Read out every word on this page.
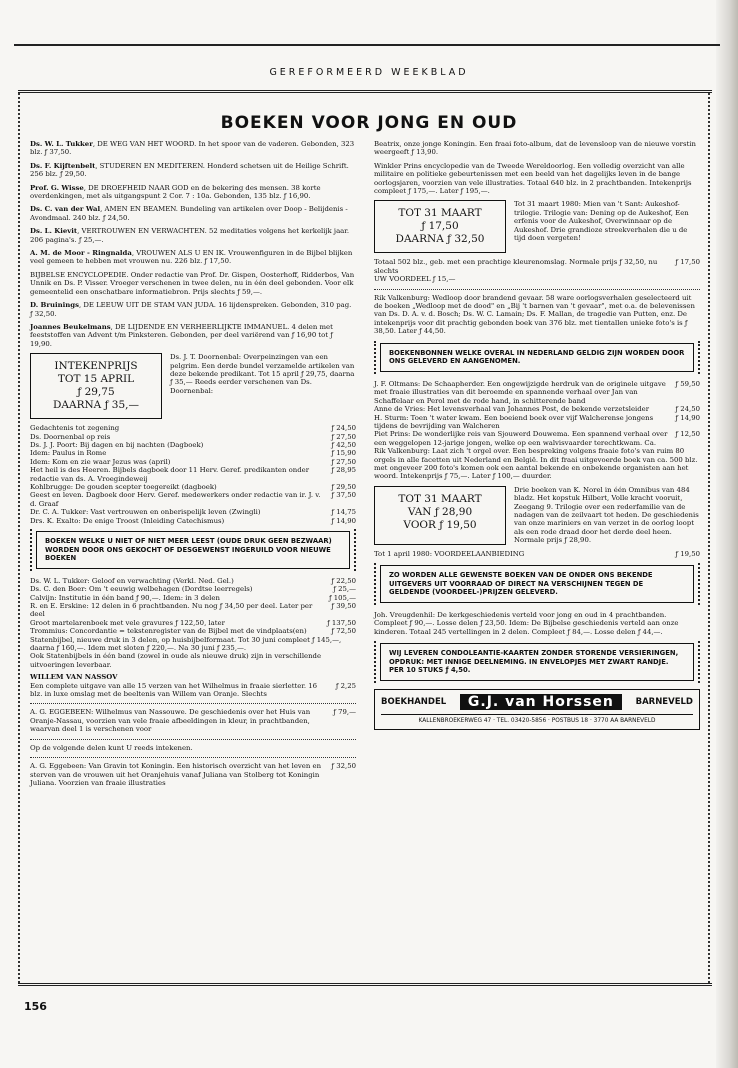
GEREFORMEERD WEEKBLAD
BOEKEN VOOR JONG EN OUD
Ds. W. L. Tukker, DE WEG VAN HET WOORD. In het spoor van de vaderen. Gebonden, 323 blz. ƒ 37,50.
Ds. F. Kijftenbelt, STUDEREN EN MEDITEREN. Honderd schetsen uit de Heilige Schrift. 256 blz. ƒ 29,50.
Prof. G. Wisse, DE DROEFHEID NAAR GOD en de bekering des mensen. 38 korte overdenkingen, met als uitgangspunt 2 Cor. 7 : 10a. Gebonden, 135 blz. ƒ 16,90.
Ds. C. van der Wal, AMEN EN BEAMEN. Bundeling van artikelen over Doop - Belijdenis - Avondmaal. 240 blz. ƒ 24,50.
Ds. L. Kievit, VERTROUWEN EN VERWACHTEN. 52 meditaties volgens het kerkelijk jaar. 206 pagina's. ƒ 25,—.
A. M. de Moor - Ringnalda, VROUWEN ALS U EN IK. Vrouwenfiguren in de Bijbel blijken veel gemeen te hebben met vrouwen nu. 226 blz. ƒ 17,50.
BIJBELSE ENCYCLOPEDIE. Onder redactie van Prof. Dr. Gispen, Oosterhoff, Ridderbos, Van Unnik en Ds. P. Visser. Vroeger verschenen in twee delen, nu in één deel gebonden. Voor elk gemeentelid een onschatbare informatiebron. Prijs slechts ƒ 59,—.
D. Bruinings, DE LEEUW UIT DE STAM VAN JUDA. 16 lijdenspreken. Gebonden, 310 pag. ƒ 32,50.
Joannes Beukelmans, DE LIJDENDE EN VERHEERLIJKTE IMMANUEL. 4 delen met feeststoffen van Advent t/m Pinksteren. Gebonden, per deel variërend van ƒ 16,90 tot ƒ 19,90.
INTEKENPRIJS
TOT 15 APRIL
ƒ 29,75
DAARNA ƒ 35,—
Ds. J. T. Doornenbal: Overpeinzingen van een pelgrim. Een derde bundel verzamelde artikelen van deze bekende predikant. Tot 15 april ƒ 29,75, daarna ƒ 35,— Reeds eerder verschenen van Ds. Doornenbal:
Gedachtenis tot zegening	ƒ 24,50
Ds. Doornenbal op reis	ƒ 27,50
Ds. J. J. Poort: Bij dagen en bij nachten (Dagboek)	ƒ 42,50
Idem: Paulus in Rome	ƒ 15,90
Idem: Kom en zie waar Jezus was (april)	ƒ 27,50
Het heil is des Heeren. Bijbels dagboek door 11 Herv. Geref. predikanten onder redactie van ds. A. Vroegindeweij
ƒ 28,95
Kohlbrugge: De gouden scepter toegereikt (dagboek)	ƒ 29,50
Geest en leven. Dagboek door Herv. Geref. medewerkers onder redactie van ir. J. v. d. Graaf
ƒ 37,50
Dr. C. A. Tukker: Vast vertrouwen en onberispelijk leven (Zwingli)	ƒ 14,75
Drs. K. Exalto: De enige Troost (Inleiding Catechismus)	ƒ 14,90
BOEKEN WELKE U NIET OF NIET MEER LEEST (OUDE DRUK GEEN BEZWAAR) WORDEN DOOR ONS GEKOCHT OF DESGEWENST INGERUILD VOOR NIEUWE BOEKEN
Ds. W. L. Tukker: Geloof en verwachting (Verkl. Ned. Gel.)	ƒ 22,50
Ds. C. den Boer: Om 't eeuwig welbehagen (Dordtse leerregels)	ƒ 25,—
Calvijn: Institutie in één band ƒ 90,—. Idem: in 3 delen	ƒ 105,—
R. en E. Erskine: 12 delen in 6 prachtbanden. Nu nog ƒ 34,50 per deel. Later per deel
ƒ 39,50
Groot martelarenboek met vele gravures ƒ 122,50, later	ƒ 137,50
Trommius: Concordantie = tekstenregister van de Bijbel met de vindplaats(en)	ƒ 72,50
Statenbijbel, nieuwe druk in 3 delen, op huisbijbelformaat. Tot 30 juni compleet ƒ 145,—, daarna ƒ 160,—. Idem met sloten ƒ 220,—. Na 30 juni ƒ 235,—.
Ook Statenbijbels in één band (zowel in oude als nieuwe druk) zijn in verschillende uitvoeringen leverbaar.
WILLEM VAN NASSOV
Een complete uitgave van alle 15 verzen van het Wilhelmus in fraaie sierletter. 16 blz. in luxe omslag met de beeltenis van Willem van Oranje. Slechts
ƒ 2,25
A. G. EGGEBEEN: Wilhelmus van Nassouwe. De geschiedenis over het Huis van Oranje-Nassau, voorzien van vele fraaie afbeeldingen in kleur, in prachtbanden, waarvan deel 1 is verschenen voor
ƒ 79,—
Op de volgende delen kunt U reeds intekenen.
A. G. Eggebeen: Van Gravin tot Koningin. Een historisch overzicht van het leven en sterven van de vrouwen uit het Oranjehuis vanaf Juliana van Stolberg tot Koningin Juliana. Voorzien van fraaie illustraties
ƒ 32,50
Beatrix, onze jonge Koningin. Een fraai foto-album, dat de levensloop van de nieuwe vorstin weergeeft ƒ 13,90.
Winkler Prins encyclopedie van de Tweede Wereldoorlog. Een volledig overzicht van alle militaire en politieke gebeurtenissen met een beeld van het dagelijks leven in de bange oorlogsjaren, voorzien van vele illustraties. Totaal 640 blz. in 2 prachtbanden. Intekenprijs compleet ƒ 175,—. Later ƒ 195,—.
TOT 31 MAART
ƒ 17,50
DAARNA ƒ 32,50
Tot 31 maart 1980: Mien van 't Sant: Aukeshof-trilogie. Trilogie van: Dening op de Aukeshof, Een erfenis voor de Aukeshof, Overwinnaar op de Aukeshof. Drie grandioze streekverhalen die u de tijd doen vergeten!
Totaal 502 blz., geb. met een prachtige kleurenomslag. Normale prijs ƒ 32,50, nu slechts
ƒ 17,50
UW VOORDEEL ƒ 15,—
Rik Valkenburg: Wedloop door brandend gevaar. 58 ware oorlogsverhalen geselecteerd uit de boeken „Wedloop met de dood" en „Bij 't barnen van 't gevaar", met o.a. de belevenissen van Ds. D. A. v. d. Bosch; Ds. W. C. Lamain; Ds. F. Mallan, de tragedie van Putten, enz. De intekenprijs voor dit prachtig gebonden boek van 376 blz. met tientallen unieke foto's is ƒ 38,50. Later ƒ 44,50.
BOEKENBONNEN WELKE OVERAL IN NEDERLAND GELDIG ZIJN WORDEN DOOR ONS GELEVERD EN AANGENOMEN.
J. F. Oltmans: De Schaapherder. Een ongewijzigde herdruk van de originele uitgave met fraaie illustraties van dit beroemde en spannende verhaal over Jan van Schaffelaar en Perol met de rode hand, in schitterende band
ƒ 59,50
Anne de Vries: Het levensverhaal van Johannes Post, de bekende verzetsleider	ƒ 24,50
H. Sturm: Toen 't water kwam. Een boeiend boek over vijf Walcherense jongens tijdens de bevrijding van Walcheren
ƒ 14,90
Piet Prins: De wonderlijke reis van Sjouwerd Douwema. Een spannend verhaal over een weggelopen 12-jarige jongen, welke op een walvisvaarder terechtkwam. Ca.
ƒ 12,50
Rik Valkenburg: Laat zich 't orgel over. Een bespreking volgens fraaie foto's van ruim 80 orgels in alle facetten uit Nederland en België. In dit fraai uitgevoerde boek van ca. 500 blz. met ongeveer 200 foto's komen ook een aantal bekende en onbekende organisten aan het woord. Intekenprijs ƒ 75,—. Later ƒ 100,— duurder.
TOT 31 MAART
VAN ƒ 28,90
VOOR ƒ 19,50
Drie boeken van K. Norel in één Omnibus van 484 bladz. Het kopstuk Hilbert, Volle kracht vooruit, Zeegang 9. Trilogie over een rederfamilie van de nadagen van de zeilvaart tot heden. De geschiedenis van onze mariniers en van verzet in de oorlog loopt als een rode draad door het derde deel heen. Normale prijs ƒ 28,90.
Tot 1 april 1980: VOORDEELAANBIEDING	ƒ 19,50
ZO WORDEN ALLE GEWENSTE BOEKEN VAN DE ONDER ONS BEKENDE UITGEVERS UIT VOORRAAD OF DIRECT NA VERSCHIJNEN TEGEN DE GELDENDE (VOORDEEL-)PRIJZEN GELEVERD.
Joh. Vreugdenhil: De kerkgeschiedenis verteld voor jong en oud in 4 prachtbanden. Compleet ƒ 90,—. Losse delen ƒ 23,50. Idem: De Bijbelse geschiedenis verteld aan onze kinderen. Totaal 245 vertellingen in 2 delen. Compleet ƒ 84,—. Losse delen ƒ 44,—.
WIJ LEVEREN CONDOLEANTIE-KAARTEN ZONDER STORENDE VERSIERINGEN, OPDRUK: MET INNIGE DEELNEMING. IN ENVELOPJES MET ZWART RANDJE. PER 10 STUKS ƒ 4,50.
BOEKHANDEL	G.J. van Horssen	BARNEVELD
KALLENBROEKERWEG 47 · TEL. 03420-5856 · POSTBUS 18 · 3770 AA BARNEVELD
156
